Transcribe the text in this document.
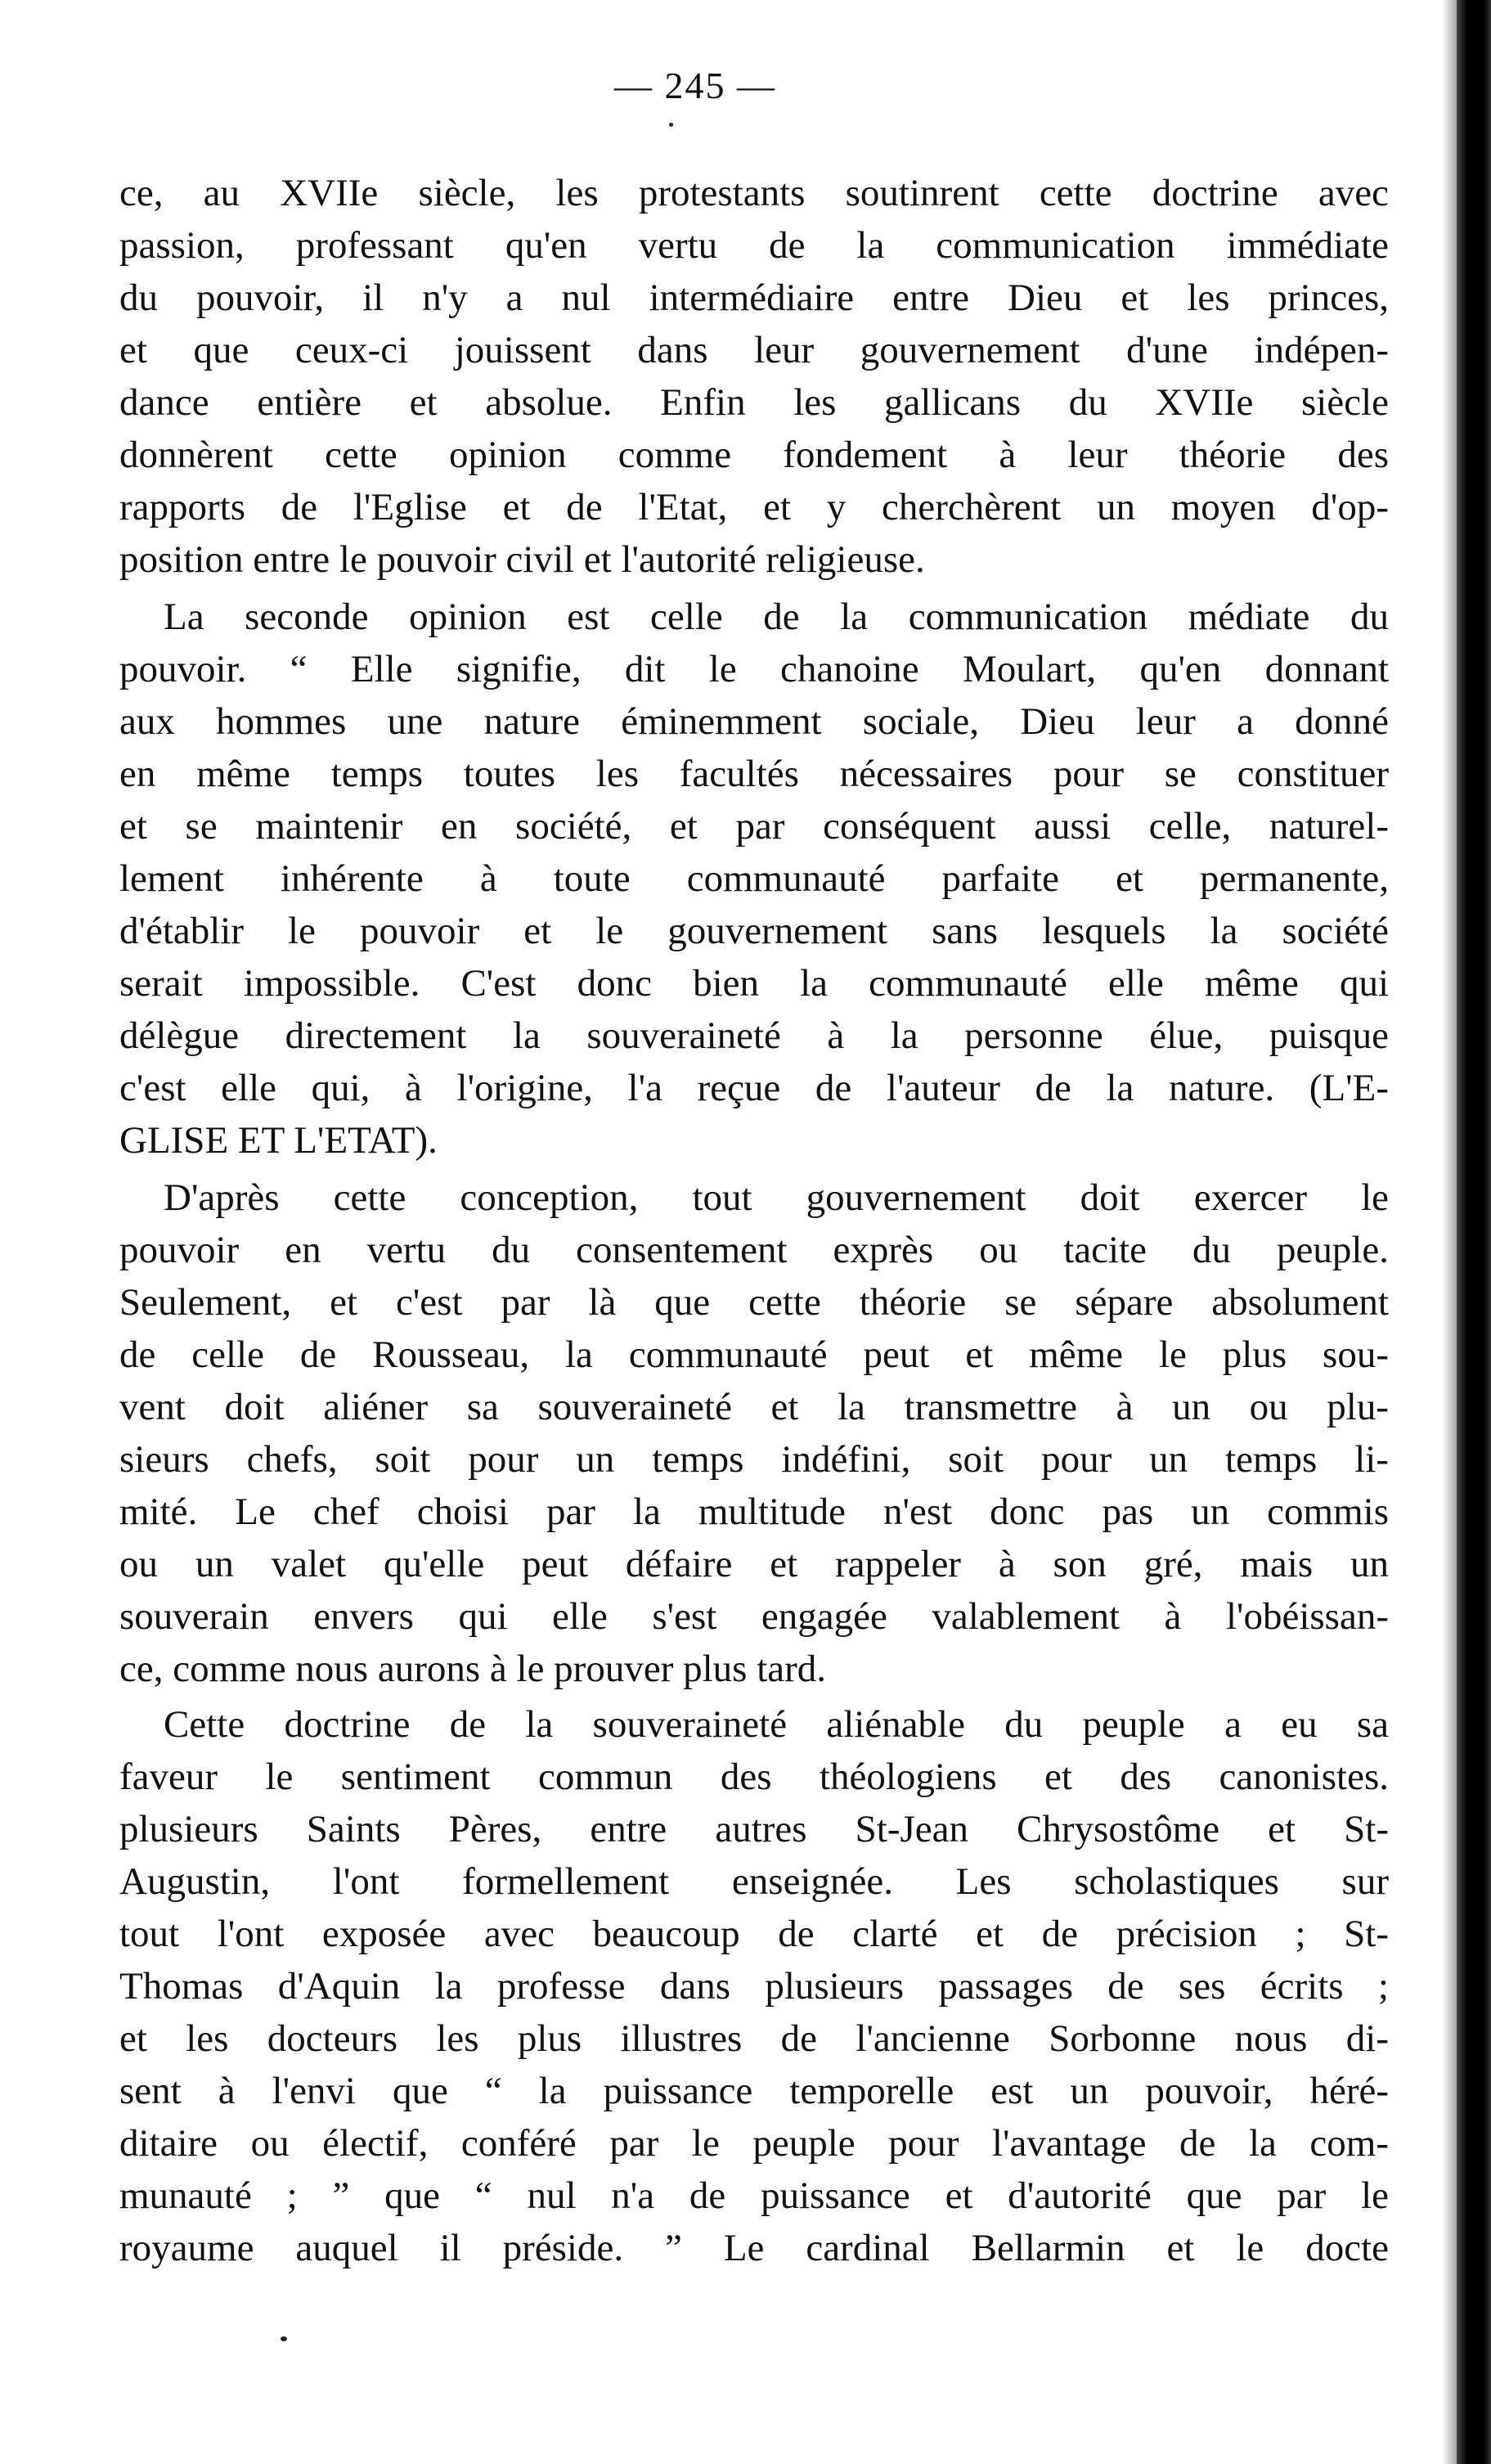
— 245 —
ce, au XVIIe siècle, les protestants soutinrent cette doctrine avec
passion, professant qu'en vertu de la communication immédiate
du pouvoir, il n'y a nul intermédiaire entre Dieu et les princes,
et que ceux-ci jouissent dans leur gouvernement d'une indépen-
dance entière et absolue. Enfin les gallicans du XVIIe siècle
donnèrent cette opinion comme fondement à leur théorie des
rapports de l'Eglise et de l'Etat, et y cherchèrent un moyen d'op-
position entre le pouvoir civil et l'autorité religieuse.
La seconde opinion est celle de la communication médiate du
pouvoir. “ Elle signifie, dit le chanoine Moulart, qu'en donnant
aux hommes une nature éminemment sociale, Dieu leur a donné
en même temps toutes les facultés nécessaires pour se constituer
et se maintenir en société, et par conséquent aussi celle, naturel-
lement inhérente à toute communauté parfaite et permanente,
d'établir le pouvoir et le gouvernement sans lesquels la société
serait impossible. C'est donc bien la communauté elle même qui
délègue directement la souveraineté à la personne élue, puisque
c'est elle qui, à l'origine, l'a reçue de l'auteur de la nature. (L'E-
GLISE ET L'ETAT).
D'après cette conception, tout gouvernement doit exercer le
pouvoir en vertu du consentement exprès ou tacite du peuple.
Seulement, et c'est par là que cette théorie se sépare absolument
de celle de Rousseau, la communauté peut et même le plus sou-
vent doit aliéner sa souveraineté et la transmettre à un ou plu-
sieurs chefs, soit pour un temps indéfini, soit pour un temps li-
mité. Le chef choisi par la multitude n'est donc pas un commis
ou un valet qu'elle peut défaire et rappeler à son gré, mais un
souverain envers qui elle s'est engagée valablement à l'obéissan-
ce, comme nous aurons à le prouver plus tard.
Cette doctrine de la souveraineté aliénable du peuple a eu sa
faveur le sentiment commun des théologiens et des canonistes.
plusieurs Saints Pères, entre autres St-Jean Chrysostôme et St-
Augustin, l'ont formellement enseignée. Les scholastiques sur
tout l'ont exposée avec beaucoup de clarté et de précision ; St-
Thomas d'Aquin la professe dans plusieurs passages de ses écrits ;
et les docteurs les plus illustres de l'ancienne Sorbonne nous di-
sent à l'envi que “ la puissance temporelle est un pouvoir, héré-
ditaire ou électif, conféré par le peuple pour l'avantage de la com-
munauté ; ” que “ nul n'a de puissance et d'autorité que par le
royaume auquel il préside. ” Le cardinal Bellarmin et le docte
